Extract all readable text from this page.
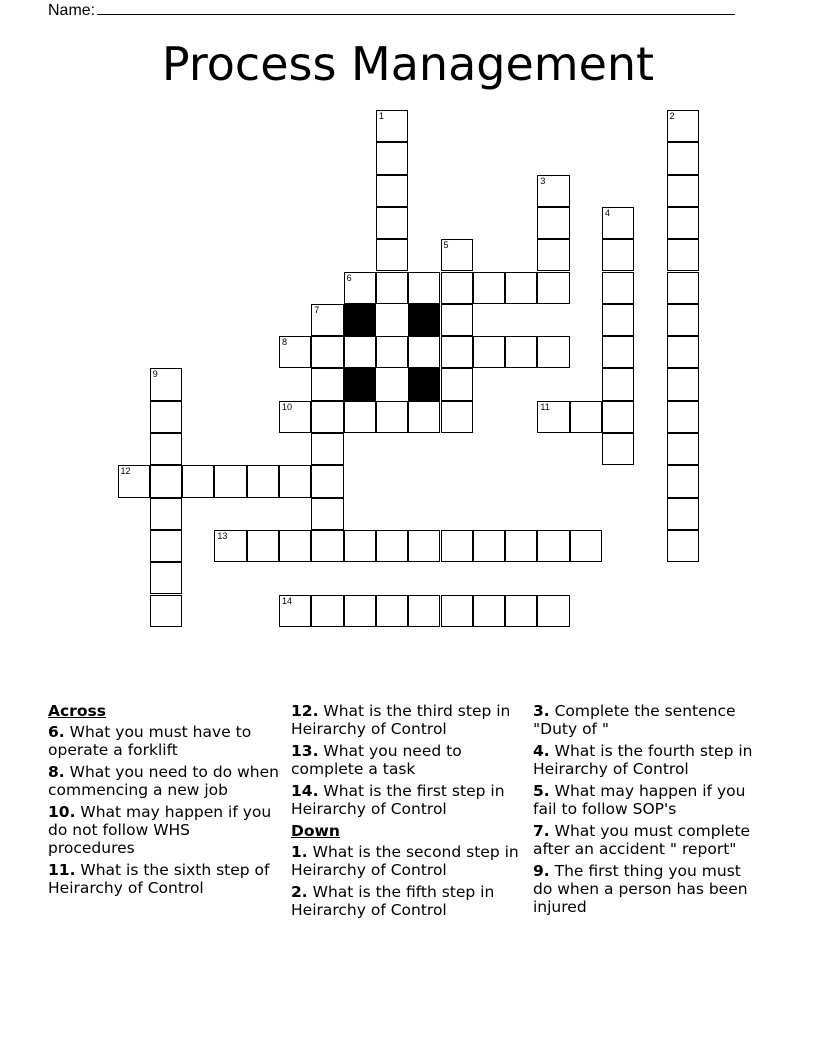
Name:
Process Management
1	2
3
4
5
6
7
8
9
10	11
12
13
14
Across
6. What you must have to operate a forklift
8. What you need to do when commencing a new job
10. What may happen if you do not follow WHS procedures
11. What is the sixth step of Heirarchy of Control
12. What is the third step in Heirarchy of Control
13. What you need to complete a task
14. What is the first step in Heirarchy of Control
Down
1. What is the second step in Heirarchy of Control
2. What is the fifth step in Heirarchy of Control
3. Complete the sentence "Duty of "
4. What is the fourth step in Heirarchy of Control
5. What may happen if you fail to follow SOP's
7. What you must complete after an accident " report"
9. The first thing you must do when a person has been injured
